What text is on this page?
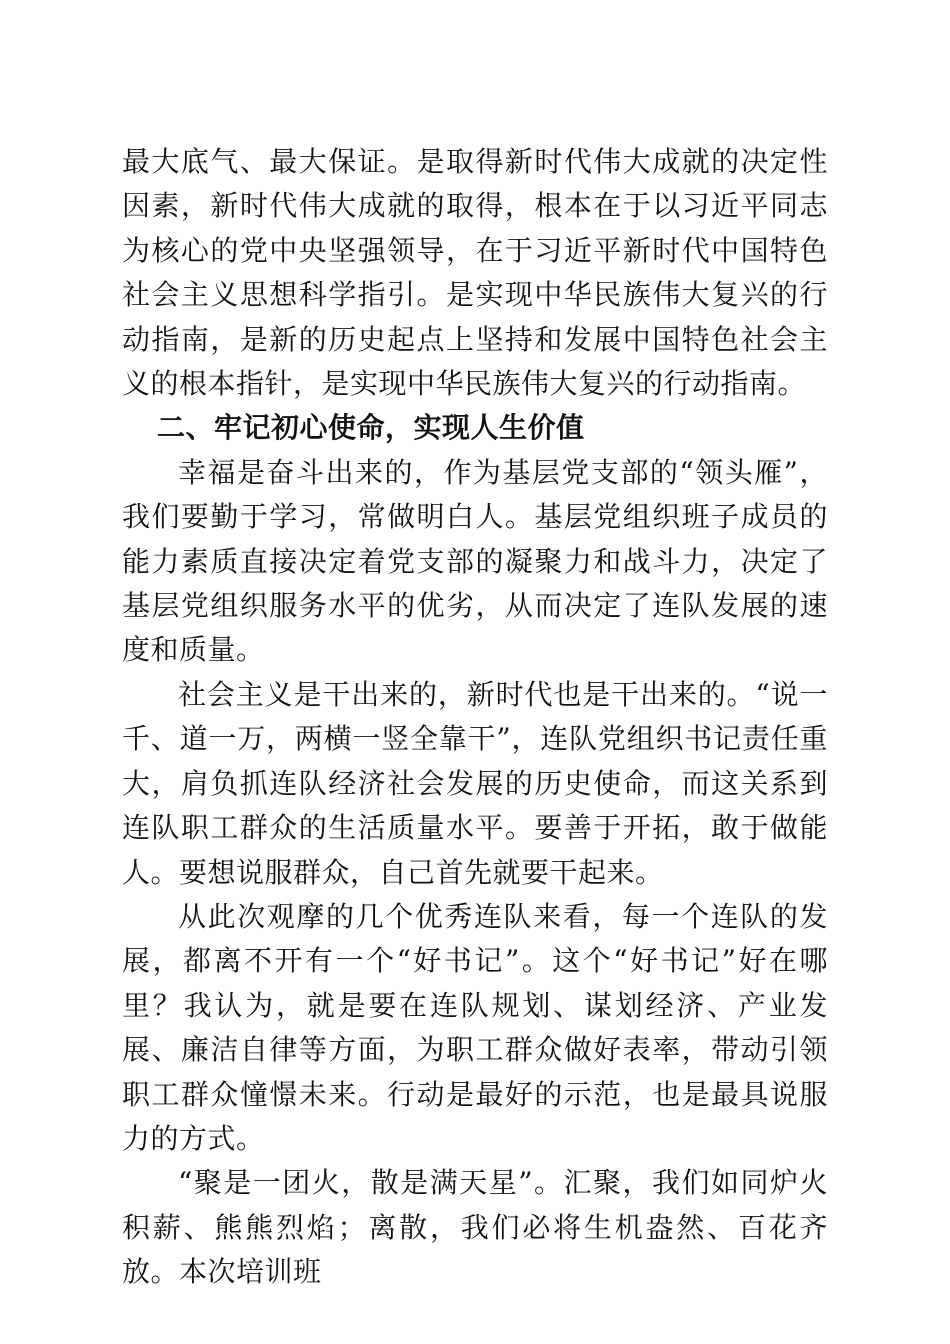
最大底气、最大保证。是取得新时代伟大成就的决定性因素，新时代伟大成就的取得，根本在于以习近平同志为核心的党中央坚强领导，在于习近平新时代中国特色社会主义思想科学指引。是实现中华民族伟大复兴的行动指南，是新的历史起点上坚持和发展中国特色社会主义的根本指针，是实现中华民族伟大复兴的行动指南。

二、牢记初心使命，实现人生价值

幸福是奋斗出来的，作为基层党支部的“领头雁”，我们要勤于学习，常做明白人。基层党组织班子成员的能力素质直接决定着党支部的凝聚力和战斗力，决定了基层党组织服务水平的优劣，从而决定了连队发展的速度和质量。

社会主义是干出来的，新时代也是干出来的。“说一千、道一万，两横一竖全靠干”，连队党组织书记责任重大，肩负抓连队经济社会发展的历史使命，而这关系到连队职工群众的生活质量水平。要善于开拓，敢于做能人。要想说服群众，自己首先就要干起来。

从此次观摩的几个优秀连队来看，每一个连队的发展，都离不开有一个“好书记”。这个“好书记”好在哪里？我认为，就是要在连队规划、谋划经济、产业发展、廉洁自律等方面，为职工群众做好表率，带动引领职工群众憧憬未来。行动是最好的示范，也是最具说服力的方式。

“聚是一团火，散是满天星”。汇聚，我们如同炉火积薪、熊熊烈焰；离散，我们必将生机盎然、百花齐放。本次培训班
